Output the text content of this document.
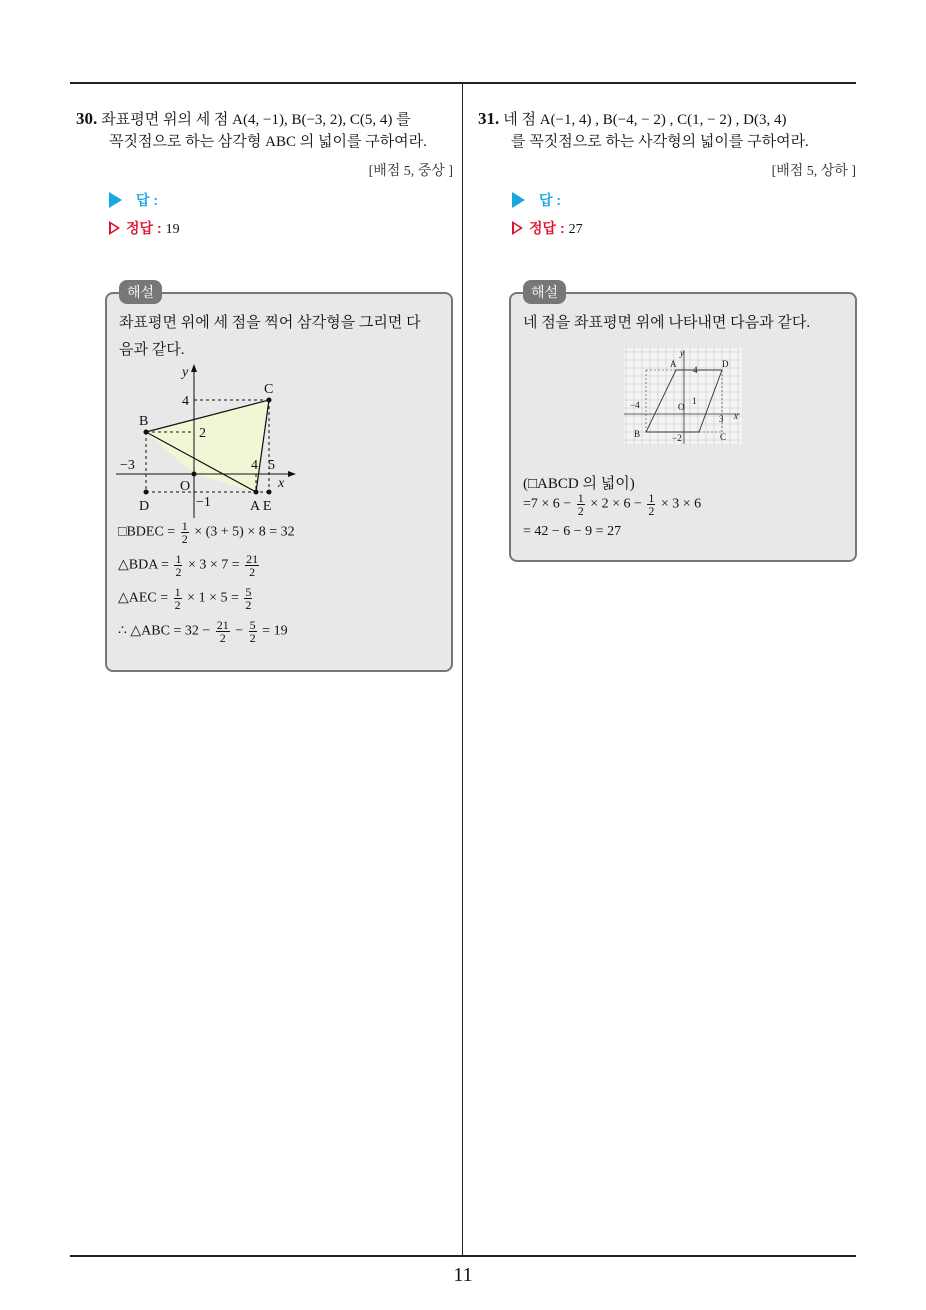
11
30. 좌표평면 위의 세 점 A(4, −1), B(−3, 2), C(5, 4) 를
꼭짓점으로 하는 삼각형 ABC 의 넓이를 구하여라.
[배점 5, 중상 ]
답 :
정답 : 19
해설
좌표평면 위에 세 점을 찍어 삼각형을 그리면 다
음과 같다.
y
x
4
2
−3
O
−1
4 5
B
C
D	A E
□BDEC = $\frac{1}{2} \times (3 + 5) \times 8 = 32$
△BDA = $\frac{1}{2} \times 3 \times 7 = \frac{21}{2}$
△AEC = $\frac{1}{2} \times 1 \times 5 = \frac{5}{2}$
∴ △ABC = $32 - \frac{21}{2} - \frac{5}{2} = 19$
31. 네 점 A(−1, 4) , B(−4, − 2) , C(1, − 2) , D(3, 4)
를 꼭짓점으로 하는 사각형의 넓이를 구하여라.
[배점 5, 상하 ]
답 :
정답 : 27
해설
네 점을 좌표평면 위에 나타내면 다음과 같다.
y
x
A	D
B	C
4
−4	O
1
3
−2
(□ABCD 의 넓이)
$=7 \times 6 - \frac{1}{2} \times 2 \times 6 - \frac{1}{2} \times 3 \times 6$
= 42 − 6 − 9 = 27
